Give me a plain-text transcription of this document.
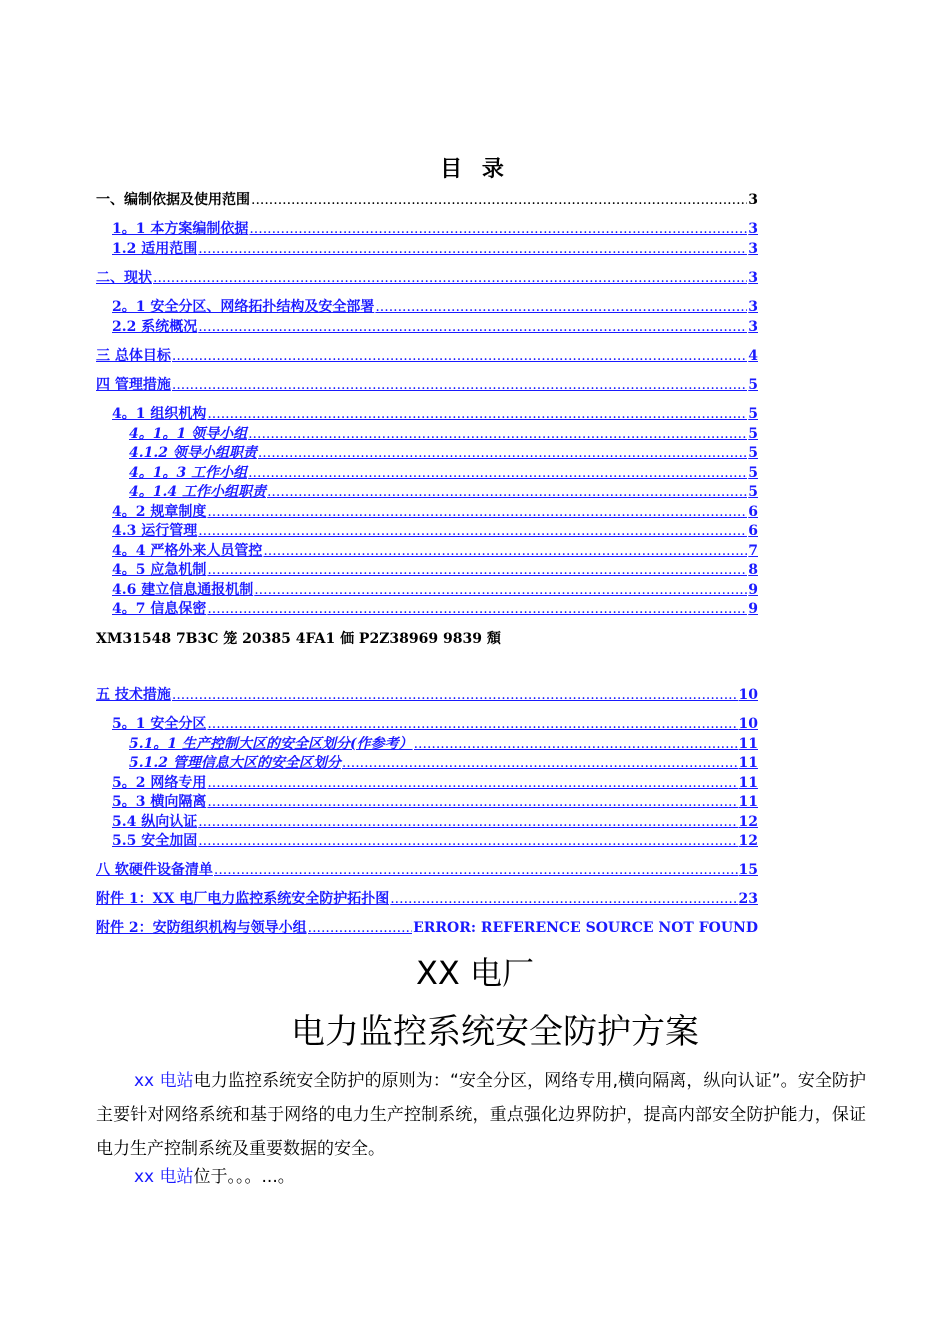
目 录
一、编制依据及使用范围 .....	3
1。1 本方案编制依据 .....	3
1.2 适用范围 .....	3
二、现状 .....	3
2。1 安全分区、网络拓扑结构及安全部署 .....	3
2.2 系统概况 .....	3
三 总体目标 .....	4
四 管理措施 .....	5
4。1 组织机构 .....	5
4。1。1 领导小组 .....	5
4.1.2 领导小组职责 .....	5
4。1。3 工作小组 .....	5
4。1.4 工作小组职责 .....	5
4。2 规章制度 .....	6
4.3 运行管理 .....	6
4。4 严格外来人员管控 .....	7
4。5 应急机制 .....	8
4.6 建立信息通报机制 .....	9
4。7 信息保密 .....	9
五 技术措施 .....	10
5。1 安全分区 .....	10
5.1。1 生产控制大区的安全区划分(作参考） .....	11
5.1.2 管理信息大区的安全区划分 .....	11
5。2 网络专用 .....	11
5。3 横向隔离 .....	11
5.4 纵向认证 .....	12
5.5 安全加固 .....	12
八 软硬件设备清单 .....	15
附件 1：XX 电厂电力监控系统安全防护拓扑图 .....	23
附件 2：安防组织机构与领导小组 .....	ERROR: REFERENCE SOURCE NOT FOUND
XM31548 7B3C 笼 20385 4FA1 価 P2Z38969 9839 頽
XX 电厂
电力监控系统安全防护方案
xx 电站电力监控系统安全防护的原则为：“安全分区，网络专用,横向隔离，纵向认证”。安全防护主要针对网络系统和基于网络的电力生产控制系统，重点强化边界防护，提高内部安全防护能力，保证电力生产控制系统及重要数据的安全。
xx 电站位于。。。...。
